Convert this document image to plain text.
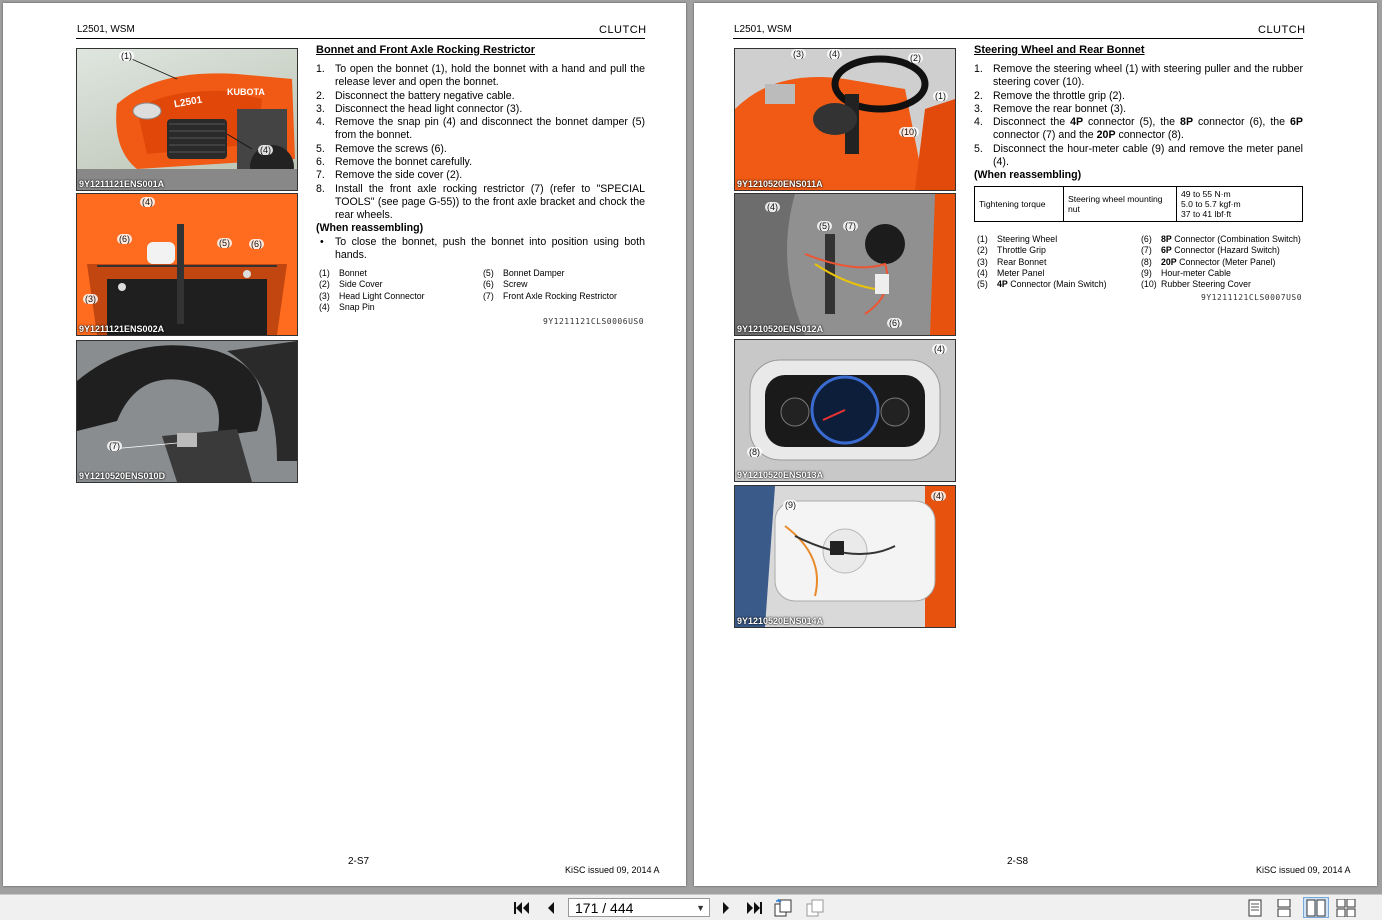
L2501, WSM	CLUTCH
L2501
KUBOTA
(1)
(4)
9Y1211121ENS001A
(4)
(6)	(5) (6)
(3)
9Y1211121ENS002A
(7)
9Y1210520ENS010D
Bonnet and Front Axle Rocking Restrictor
1. To open the bonnet (1), hold the bonnet with a hand and pull the release lever and open the bonnet.
2. Disconnect the battery negative cable.
3. Disconnect the head light connector (3).
4. Remove the snap pin (4) and disconnect the bonnet damper (5) from the bonnet.
5. Remove the screws (6).
6. Remove the bonnet carefully.
7. Remove the side cover (2).
8. Install the front axle rocking restrictor (7) (refer to "SPECIAL TOOLS" (see page G-55)) to the front axle bracket and chock the rear wheels.
(When reassembling)
• To close the bonnet, push the bonnet into position using both hands.
(1) Bonnet
(2) Side Cover
(3) Head Light Connector
(4) Snap Pin
(5) Bonnet Damper
(6) Screw
(7) Front Axle Rocking Restrictor
9Y1211121CLS0006US0
2-S7
KiSC issued 09, 2014 A
L2501, WSM	CLUTCH
(3)	(4)	(2)
(1)
(10)
9Y1210520ENS011A
(4)
(5) (7)
(6)
9Y1210520ENS012A
(4)
(8)
9Y1210520ENS013A
(9)
(4)
9Y1210520ENS014A
Steering Wheel and Rear Bonnet
1. Remove the steering wheel (1) with steering puller and the rubber steering cover (10).
2. Remove the throttle grip (2).
3. Remove the rear bonnet (3).
4. Disconnect the 4P connector (5), the 8P connector (6), the 6P connector (7) and the 20P connector (8).
5. Disconnect the hour-meter cable (9) and remove the meter panel (4).
(When reassembling)
Tightening torque	Steering wheel mounting nut	
49 to 55 N·m
5.0 to 5.7 kgf·m
37 to 41 lbf·ft
(1) Steering Wheel
(2) Throttle Grip
(3) Rear Bonnet
(4) Meter Panel
(5) 4P Connector (Main Switch)
(6) 8P Connector (Combination Switch)
(7) 6P Connector (Hazard Switch)
(8) 20P Connector (Meter Panel)
(9) Hour-meter Cable
(10) Rubber Steering Cover
9Y1211121CLS0007US0
2-S8
KiSC issued 09, 2014 A
171 / 444	▼
